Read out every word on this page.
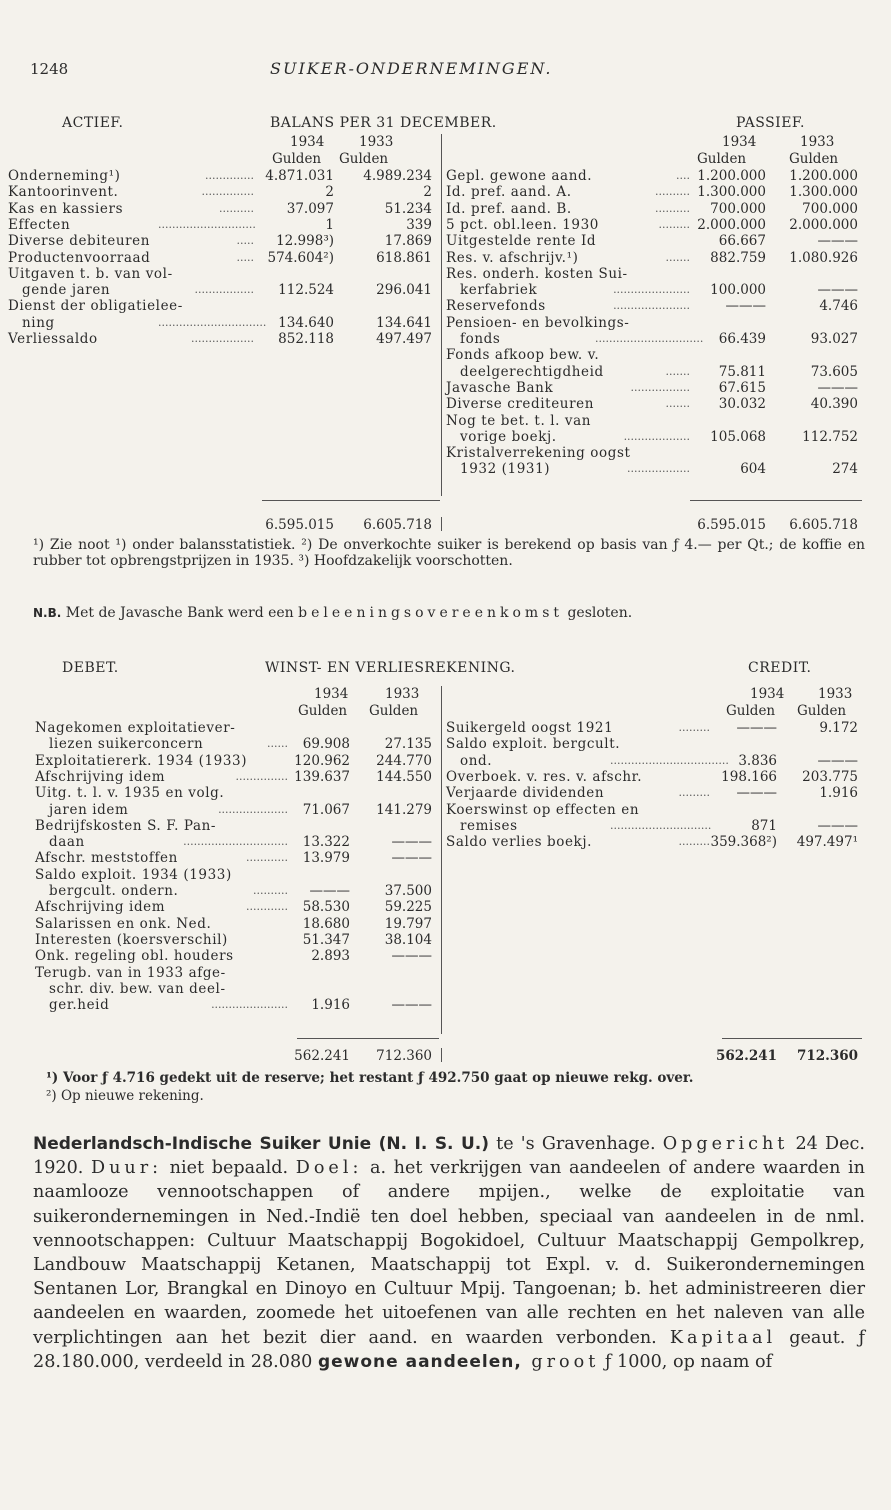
1248	SUIKER-ONDERNEMINGEN.
ACTIEF.	BALANS PER 31 DECEMBER.	PASSIEF.
1934	1933	1934	1933
Gulden Gulden	Gulden	Gulden
Onderneming¹)	.............. 4.871.031 4.989.234
Kantoorinvent.	...............	2	2
Kas en kassiers	.......... 37.097	51.234
Effecten	............................	1	339
Diverse debiteuren	..... 12.998³)	17.869
Productenvoorraad	..... 574.604²)	618.861
Uitgaven t. b. van vol-
gende jaren	................. 112.524	296.041
Dienst der obligatielee-
ning	............................... 134.640	134.641
Verliessaldo	.................. 852.118	497.497
Gepl. gewone aand.	.... 1.200.000 1.200.000
Id. pref. aand. A.	.......... 1.300.000 1.300.000
Id. pref. aand. B.	.......... 700.000	700.000
5 pct. obl.leen. 1930	......... 2.000.000 2.000.000
Uitgestelde rente Id	66.667	———
Res. v. afschrijv.¹)	....... 882.759 1.080.926
Res. onderh. kosten Sui-
kerfabriek	...................... 100.000	———
Reservefonds	......................	———	4.746
Pensioen- en bevolkings-
fonds	............................... 66.439	93.027
Fonds afkoop bew. v.
deelgerechtigdheid	....... 75.811	73.605
Javasche Bank	................. 67.615	———
Diverse crediteuren	....... 30.032	40.390
Nog te bet. t. l. van
vorige boekj.	................... 105.068	112.752
Kristalverrekening oogst
1932 (1931)	..................	604	274
6.595.015 6.605.718	6.595.015 6.605.718
¹) Zie noot ¹) onder balansstatistiek. ²) De onverkochte suiker is berekend op basis van ƒ 4.— per Qt.; de koffie en rubber tot opbrengstprijzen in 1935. ³) Hoofdzakelijk voorschotten.
N.B. Met de Javasche Bank werd een beleeningsovereenkomst gesloten.
DEBET.	WINST- EN VERLIESREKENING.	CREDIT.
1934	1933	1934 1933
Gulden Gulden	Gulden Gulden
Nagekomen exploitatiever-
liezen suikerconcern	...... 69.908	27.135
Exploitatiererk. 1934 (1933)	120.962 244.770
Afschrijving idem	............... 139.637 144.550
Uitg. t. l. v. 1935 en volg.
jaren idem	.................... 71.067 141.279
Bedrijfskosten S. F. Pan-
daan	.............................. 13.322	———
Afschr. meststoffen	............ 13.979	———
Saldo exploit. 1934 (1933)
bergcult. ondern.	.......... ———	37.500
Afschrijving idem	............ 58.530	59.225
Salarissen en onk. Ned.	18.680	19.797
Interesten (koersverschil)	51.347	38.104
Onk. regeling obl. houders	2.893	———
Terugb. van in 1933 afge-
schr. div. bew. van deel-
ger.heid	...................... 1.916	———
Suikergeld oogst 1921	......... ———	9.172
Saldo exploit. bergcult.
ond.	.................................. 3.836	———
Overboek. v. res. v. afschr.	198.166 203.775
Verjaarde dividenden	......... ———	1.916
Koerswinst op effecten en
remises	.............................	871	———
Saldo verlies boekj.	......... 359.368²) 497.497¹
562.241 712.360	562.241 712.360
¹) Voor ƒ 4.716 gedekt uit de reserve; het restant ƒ 492.750 gaat op nieuwe rekg. over.
²) Op nieuwe rekening.

Nederlandsch-Indische Suiker Unie (N. I. S. U.) te 's Gravenhage. Opgericht 24 Dec. 1920. Duur: niet bepaald. Doel: a. het verkrijgen van aandeelen of andere waarden in naamlooze vennootschappen of andere mpijen., welke de exploitatie van suikerondernemingen in Ned.-Indië ten doel hebben, speciaal van aandeelen in de nml. vennootschappen: Cultuur Maatschappij Bogokidoel, Cultuur Maatschappij Gempolkrep, Landbouw Maatschappij Ketanen, Maatschappij tot Expl. v. d. Suikerondernemingen Sentanen Lor, Brangkal en Dinoyo en Cultuur Mpij. Tangoenan; b. het administreeren dier aandeelen en waarden, zoomede het uitoefenen van alle rechten en het naleven van alle verplichtingen aan het bezit dier aand. en waarden verbonden. Kapitaal geaut. ƒ 28.180.000, verdeeld in 28.080 gewone aandeelen, groot ƒ 1000, op naam of
